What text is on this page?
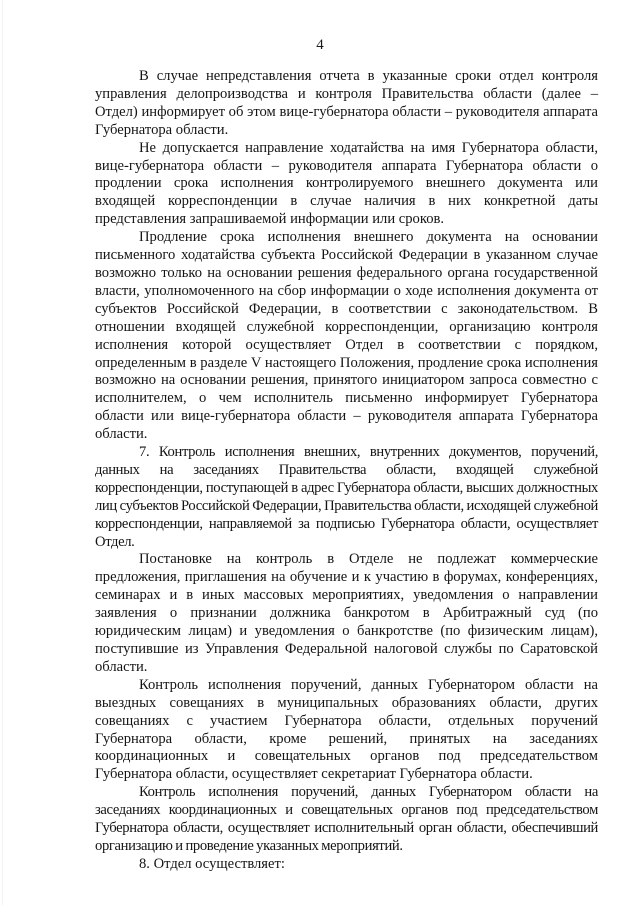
4

В случае непредставления отчета в указанные сроки отдел контроля управления делопроизводства и контроля Правительства области (далее – Отдел) информирует об этом вице-губернатора области – руководителя аппарата Губернатора области.

Не допускается направление ходатайства на имя Губернатора области, вице-губернатора области – руководителя аппарата Губернатора области о продлении срока исполнения контролируемого внешнего документа или входящей корреспонденции в случае наличия в них конкретной даты представления запрашиваемой информации или сроков.

Продление срока исполнения внешнего документа на основании письменного ходатайства субъекта Российской Федерации в указанном случае возможно только на основании решения федерального органа государственной власти, уполномоченного на сбор информации о ходе исполнения документа от субъектов Российской Федерации, в соответствии с законодательством. В отношении входящей служебной корреспонденции, организацию контроля исполнения которой осуществляет Отдел в соответствии с порядком, определенным в разделе V настоящего Положения, продление срока исполнения возможно на основании решения, принятого инициатором запроса совместно с исполнителем, о чем исполнитель письменно информирует Губернатора области или вице-губернатора области – руководителя аппарата Губернатора области.

7. Контроль исполнения внешних, внутренних документов, поручений, данных на заседаниях Правительства области, входящей служебной корреспонденции, поступающей в адрес Губернатора области, высших должностных лиц субъектов Российской Федерации, Правительства области, исходящей служебной корреспонденции, направляемой за подписью Губернатора области, осуществляет Отдел.

Постановке на контроль в Отделе не подлежат коммерческие предложения, приглашения на обучение и к участию в форумах, конференциях, семинарах и в иных массовых мероприятиях, уведомления о направлении заявления о признании должника банкротом в Арбитражный суд (по юридическим лицам) и уведомления о банкротстве (по физическим лицам), поступившие из Управления Федеральной налоговой службы по Саратовской области.

Контроль исполнения поручений, данных Губернатором области на выездных совещаниях в муниципальных образованиях области, других совещаниях с участием Губернатора области, отдельных поручений Губернатора области, кроме решений, принятых на заседаниях координационных и совещательных органов под председательством Губернатора области, осуществляет секретариат Губернатора области.

Контроль исполнения поручений, данных Губернатором области на заседаниях координационных и совещательных органов под председательством Губернатора области, осуществляет исполнительный орган области, обеспечивший организацию и проведение указанных мероприятий.

8. Отдел осуществляет:
